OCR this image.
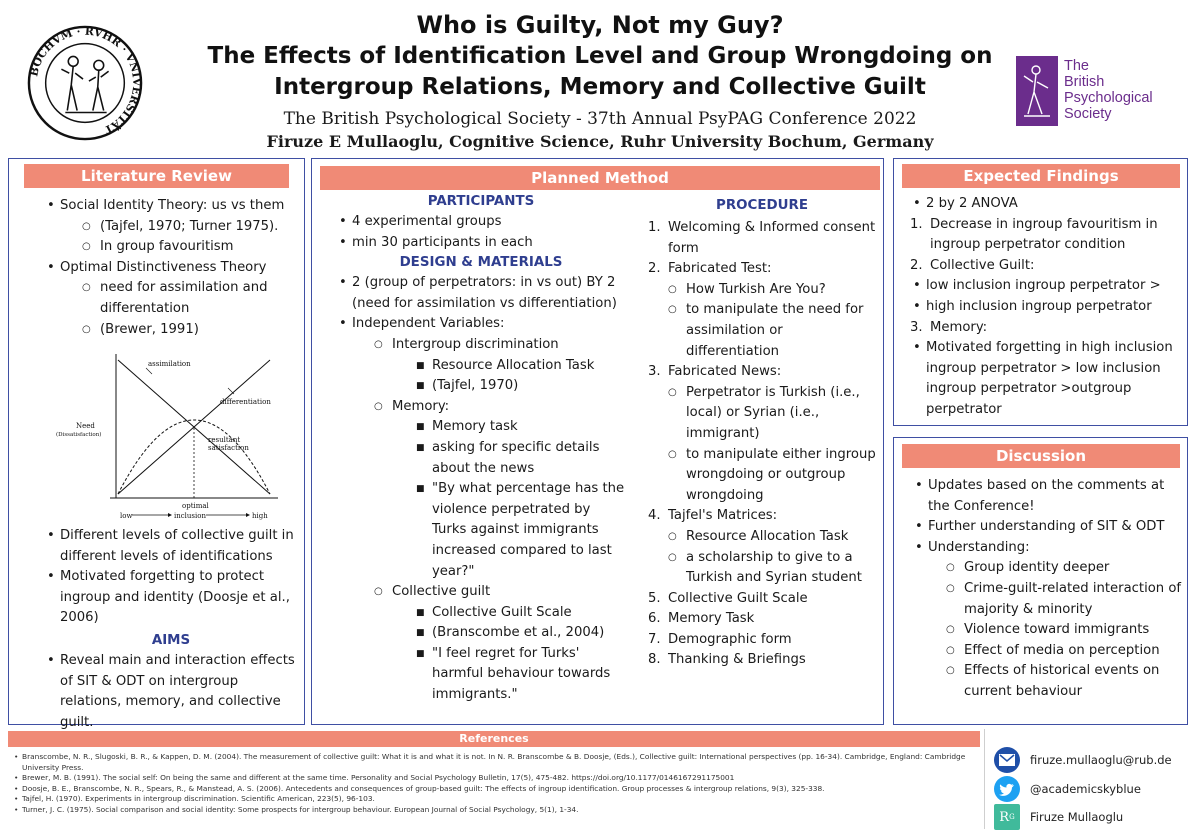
BOCHVM · RVHR · VNIVERSITÄT
Who is Guilty, Not my Guy?
The Effects of Identification Level and Group Wrongdoing on
Intergroup Relations, Memory and Collective Guilt
The British Psychological Society - 37th Annual PsyPAG Conference 2022
Firuze E Mullaoglu, Cognitive Science, Ruhr University Bochum, Germany
The
British
Psychological
Society
Literature Review
• Social Identity Theory: us vs them
○ (Tajfel, 1970; Turner 1975).
○ In group favouritism
• Optimal Distinctiveness Theory
○ need for assimilation and differentation
○ (Brewer, 1991)
assimilation
differentiation
Need
(Dissatisfaction)
resultant
satisfaction
optimal
low	inclusion	high
• Different levels of collective guilt in different levels of identifications
• Motivated forgetting to protect ingroup and identity (Doosje et al., 2006)
AIMS
• Reveal main and interaction effects of SIT & ODT on intergroup relations, memory, and collective guilt.
Planned Method
PARTICIPANTS
• 4 experimental groups
• min 30 participants in each
DESIGN & MATERIALS
• 2 (group of perpetrators: in vs out) BY 2 (need for assimilation vs differentiation)
• Independent Variables:
○ Intergroup discrimination
■ Resource Allocation Task
■ (Tajfel, 1970)
○ Memory:
■ Memory task
■ asking for specific details about the news
■ "By what percentage has the violence perpetrated by Turks against immigrants increased compared to last year?"
○ Collective guilt
■ Collective Guilt Scale
■ (Branscombe et al., 2004)
■ "I feel regret for Turks' harmful behaviour towards immigrants."
PROCEDURE
1. Welcoming & Informed consent form
2. Fabricated Test:
○ How Turkish Are You?
○ to manipulate the need for assimilation or differentiation
3. Fabricated News:
○ Perpetrator is Turkish (i.e., local) or Syrian (i.e., immigrant)
○ to manipulate either ingroup wrongdoing or outgroup wrongdoing
4. Tajfel's Matrices:
○ Resource Allocation Task
○ a scholarship to give to a Turkish and Syrian student
5. Collective Guilt Scale
6. Memory Task
7. Demographic form
8. Thanking & Briefings
Expected Findings
• 2 by 2 ANOVA
1. Decrease in ingroup favouritism in ingroup perpetrator condition
2. Collective Guilt:
• low inclusion ingroup perpetrator >
• high inclusion ingroup perpetrator
3. Memory:
• Motivated forgetting in high inclusion ingroup perpetrator > low inclusion ingroup perpetrator >outgroup perpetrator
Discussion
• Updates based on the comments at the Conference!
• Further understanding of SIT & ODT
• Understanding:
○ Group identity deeper
○ Crime-guilt-related interaction of majority & minority
○ Violence toward immigrants
○ Effect of media on perception
○ Effects of historical events on current behaviour
References
• Branscombe, N. R., Slugoski, B. R., & Kappen, D. M. (2004). The measurement of collective guilt: What it is and what it is not. In N. R. Branscombe & B. Doosje, (Eds.), Collective guilt: International perspectives (pp. 16-34). Cambridge, England: Cambridge University Press.
• Brewer, M. B. (1991). The social self: On being the same and different at the same time. Personality and Social Psychology Bulletin, 17(5), 475-482. https://doi.org/10.1177/0146167291175001
• Doosje, B. E., Branscombe, N. R., Spears, R., & Manstead, A. S. (2006). Antecedents and consequences of group-based guilt: The effects of ingroup identification. Group processes & intergroup relations, 9(3), 325-338.
• Tajfel, H. (1970). Experiments in intergroup discrimination. Scientific American, 223(5), 96-103.
• Turner, J. C. (1975). Social comparison and social identity: Some prospects for intergroup behaviour. European Journal of Social Psychology, 5(1), 1-34.
firuze.mullaoglu@rub.de
@academicskyblue
R G Firuze Mullaoglu
